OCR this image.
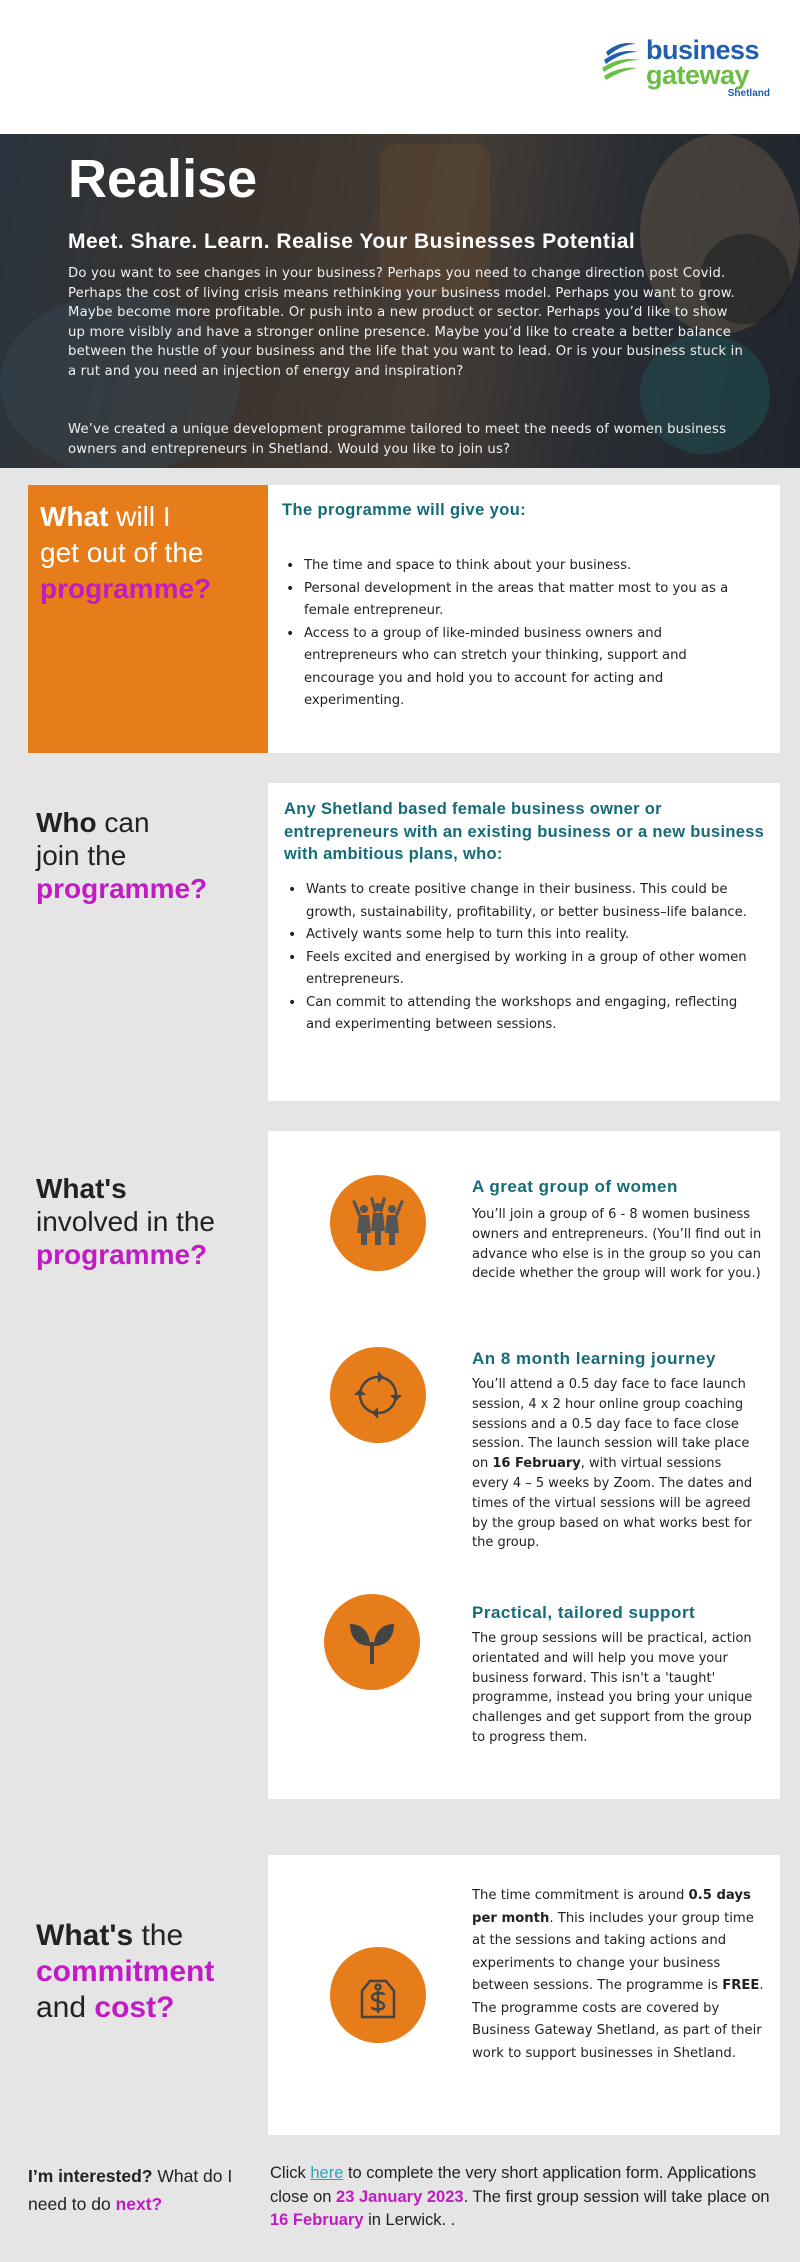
business
gateway
Shetland
Realise
Meet. Share. Learn. Realise Your Businesses Potential

Do you want to see changes in your business? Perhaps you need to change direction post Covid. Perhaps the cost of living crisis means rethinking your business model. Perhaps you want to grow. Maybe become more profitable. Or push into a new product or sector. Perhaps you’d like to show up more visibly and have a stronger online presence. Maybe you’d like to create a better balance between the hustle of your business and the life that you want to lead. Or is your business stuck in a rut and you need an injection of energy and inspiration?

We’ve created a unique development programme tailored to meet the needs of women business owners and entrepreneurs in Shetland. Would you like to join us?

What will I
get out of the
programme?
The programme will give you:
• The time and space to think about your business.
• Personal development in the areas that matter most to you as a female entrepreneur.
• Access to a group of like-minded business owners and entrepreneurs who can stretch your thinking, support and encourage you and hold you to account for acting and experimenting.
Who can
join the
programme?
Any Shetland based female business owner or entrepreneurs with an existing business or a new business with ambitious plans, who:
• Wants to create positive change in their business. This could be growth, sustainability, profitability, or better business–life balance.
• Actively wants some help to turn this into reality.
• Feels excited and energised by working in a group of other women entrepreneurs.
• Can commit to attending the workshops and engaging, reflecting and experimenting between sessions.
What's
involved in the
programme?
A great group of women
You’ll join a group of 6 - 8 women business owners and entrepreneurs. (You’ll find out in advance who else is in the group so you can decide whether the group will work for you.)
An 8 month learning journey
You’ll attend a 0.5 day face to face launch session, 4 x 2 hour online group coaching sessions and a 0.5 day face to face close session. The launch session will take place on 16 February, with virtual sessions every 4 – 5 weeks by Zoom. The dates and times of the virtual sessions will be agreed by the group based on what works best for the group.
Practical, tailored support
The group sessions will be practical, action orientated and will help you move your business forward. This isn't a 'taught' programme, instead you bring your unique challenges and get support from the group to progress them.
What's the
commitment
and cost?
The time commitment is around 0.5 days per month. This includes your group time at the sessions and taking actions and experiments to change your business between sessions. The programme is FREE. The programme costs are covered by Business Gateway Shetland, as part of their work to support businesses in Shetland.
I’m interested? What do I need to do next?
Click here to complete the very short application form. Applications close on 23 January 2023. The first group session will take place on 16 February in Lerwick. .
